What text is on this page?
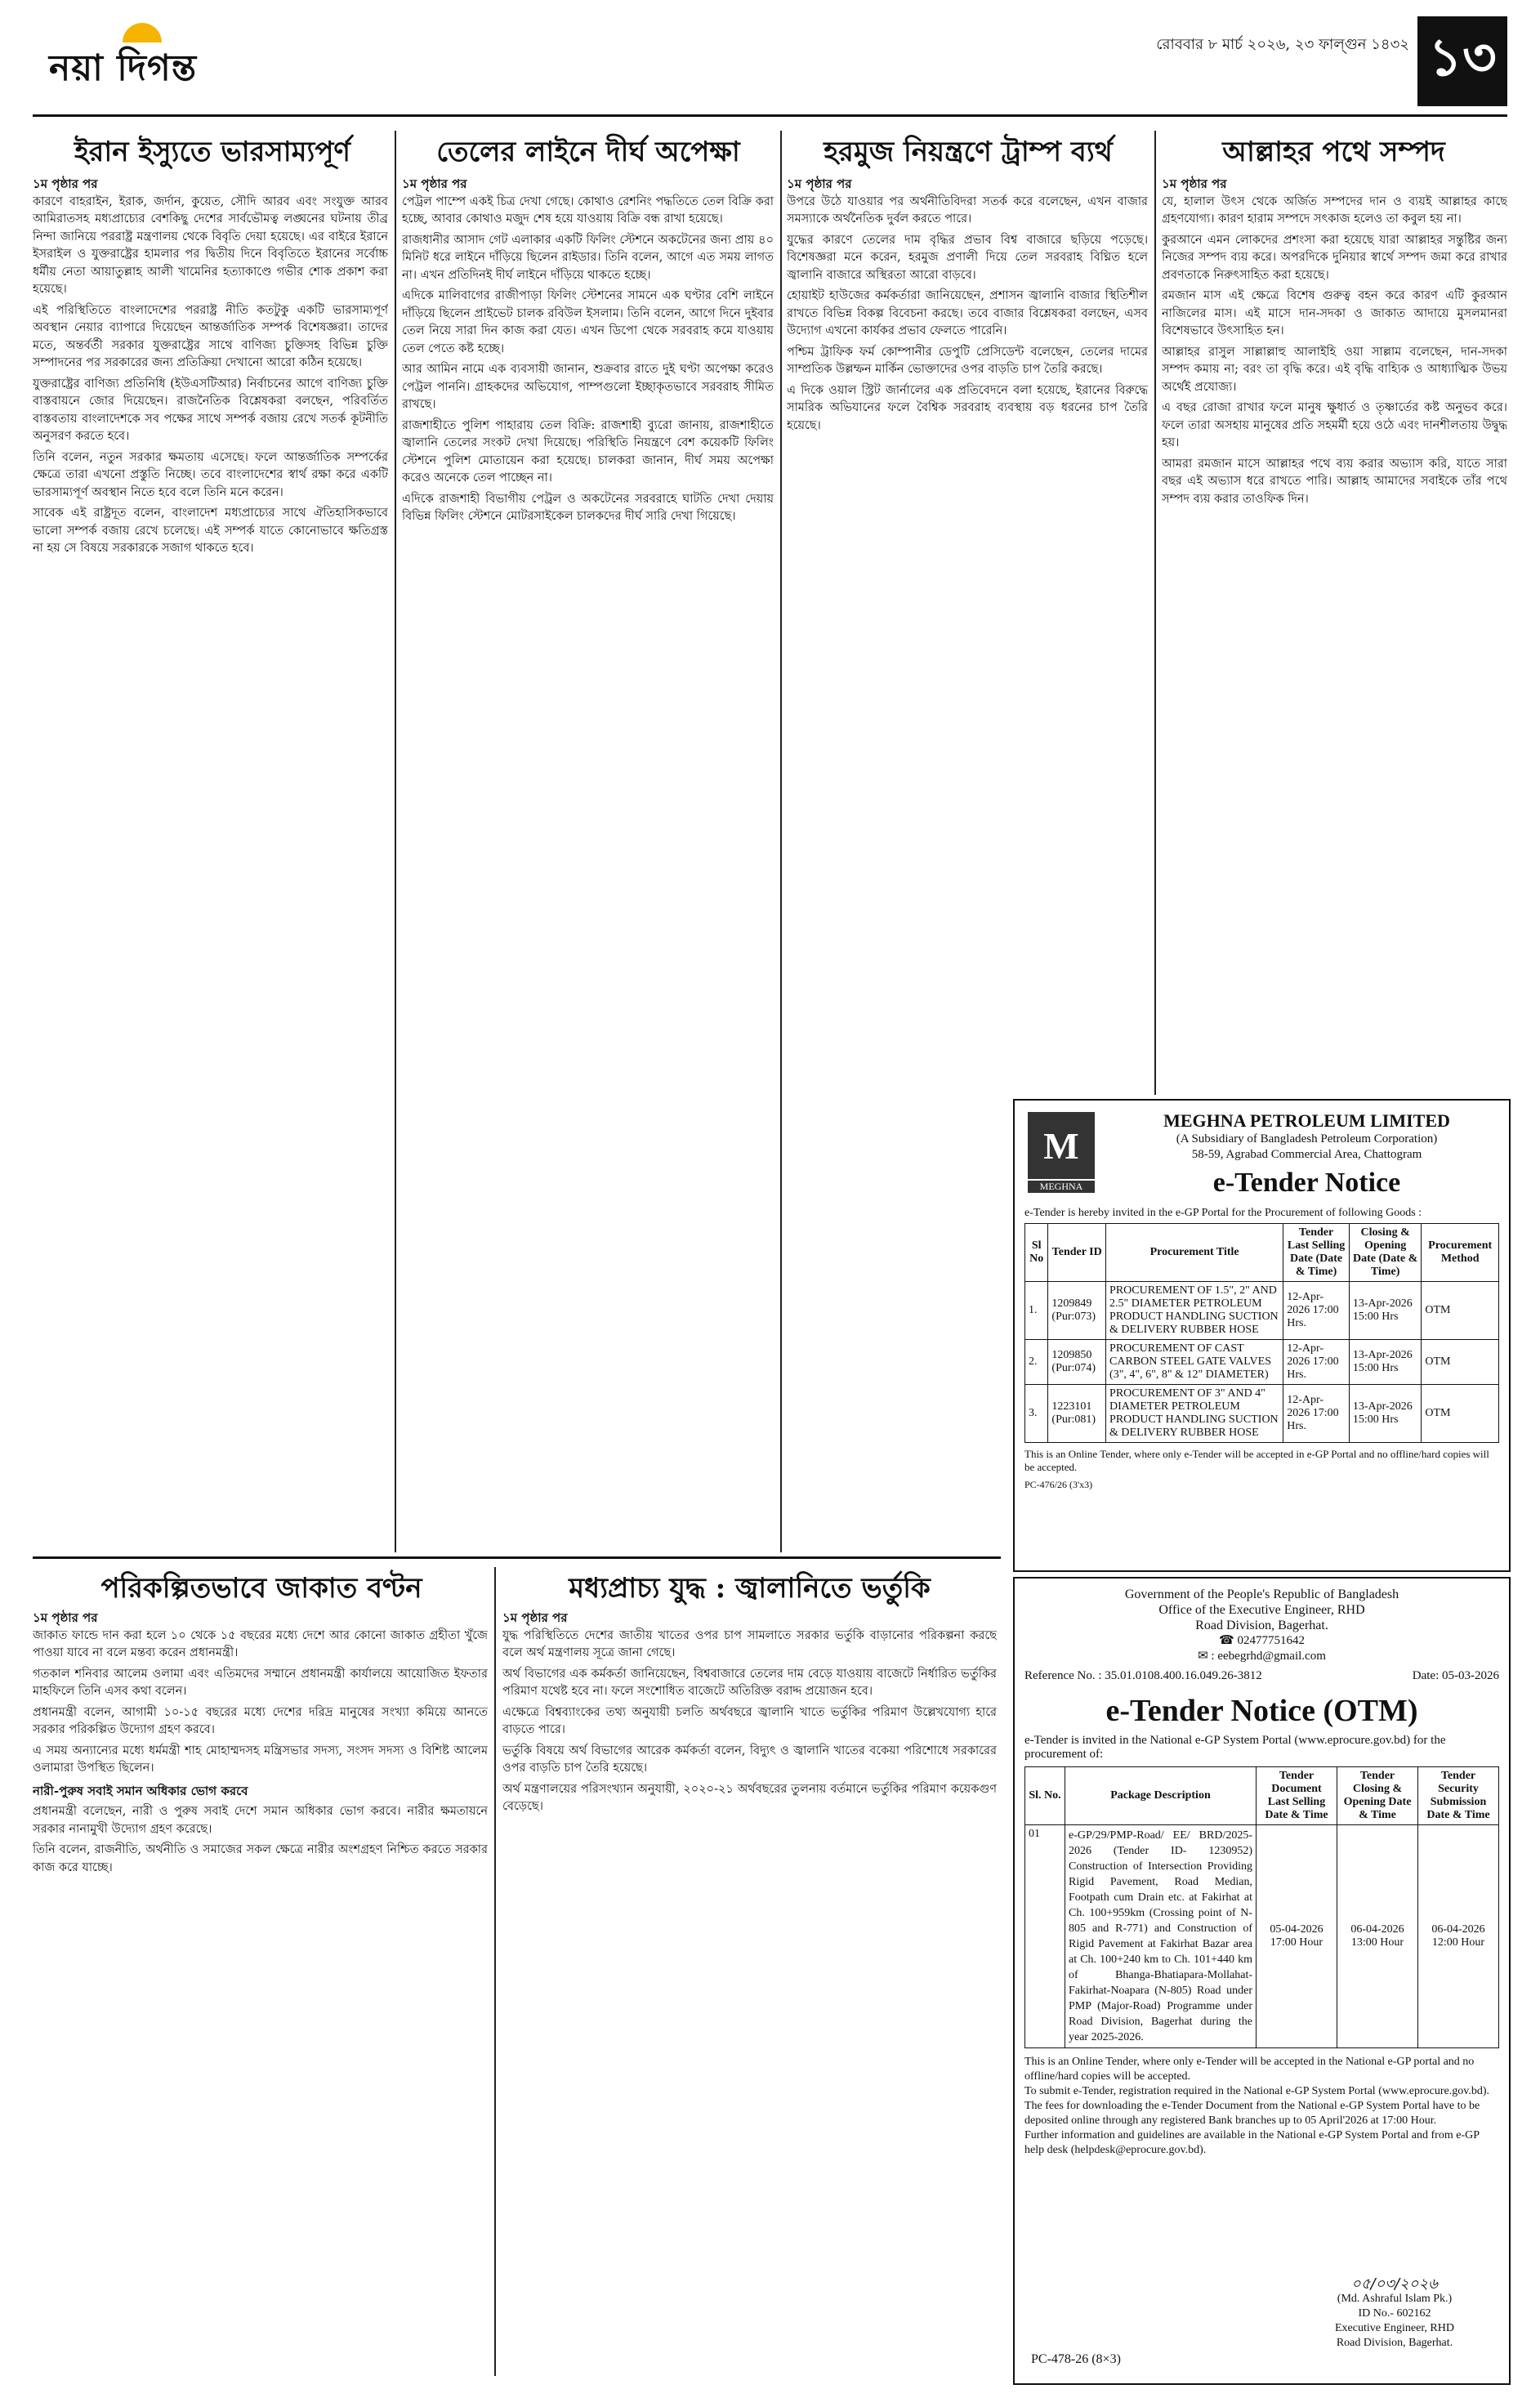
নয়া দিগন্ত
রোববার ৮ মার্চ ২০২৬, ২৩ ফাল্গুন ১৪৩২ ১৩
ইরান ইস্যুতে ভারসাম্যপূর্ণ	তেলের লাইনে দীর্ঘ অপেক্ষা	হরমুজ নিয়ন্ত্রণে ট্রাম্প ব্যর্থ	আল্লাহর পথে সম্পদ
১ম পৃষ্ঠার পর

কারণে বাহরাইন, ইরাক, জর্দান, কুয়েত, সৌদি আরব এবং সংযুক্ত আরব আমিরাতসহ মধ্যপ্রাচ্যের বেশকিছু দেশের সার্বভৌমত্ব লঙ্ঘনের ঘটনায় তীব্র নিন্দা জানিয়ে পররাষ্ট্র মন্ত্রণালয় থেকে বিবৃতি দেয়া হয়েছে। এর বাইরে ইরানে ইসরাইল ও যুক্তরাষ্ট্রের হামলার পর দ্বিতীয় দিনে বিবৃতিতে ইরানের সর্বোচ্চ ধর্মীয় নেতা আয়াতুল্লাহ আলী খামেনির হত্যাকাণ্ডে গভীর শোক প্রকাশ করা হয়েছে।

এই পরিস্থিতিতে বাংলাদেশের পররাষ্ট্র নীতি কতটুকু একটি ভারসাম্যপূর্ণ অবস্থান নেয়ার ব্যাপারে দিয়েছেন আন্তর্জাতিক সম্পর্ক বিশেষজ্ঞরা। তাদের মতে, অন্তর্বর্তী সরকার যুক্তরাষ্ট্রের সাথে বাণিজ্য চুক্তিসহ বিভিন্ন চুক্তি সম্পাদনের পর সরকারের জন্য প্রতিক্রিয়া দেখানো আরো কঠিন হয়েছে।

যুক্তরাষ্ট্রের বাণিজ্য প্রতিনিধি (ইউএসটিআর) নির্বাচনের আগে বাণিজ্য চুক্তি বাস্তবায়নে জোর দিয়েছেন। রাজনৈতিক বিশ্লেষকরা বলছেন, পরিবর্তিত বাস্তবতায় বাংলাদেশকে সব পক্ষের সাথে সম্পর্ক বজায় রেখে সতর্ক কূটনীতি অনুসরণ করতে হবে।

তিনি বলেন, নতুন সরকার ক্ষমতায় এসেছে। ফলে আন্তর্জাতিক সম্পর্কের ক্ষেত্রে তারা এখনো প্রস্তুতি নিচ্ছে। তবে বাংলাদেশের স্বার্থ রক্ষা করে একটি ভারসাম্যপূর্ণ অবস্থান নিতে হবে বলে তিনি মনে করেন।

সাবেক এই রাষ্ট্রদূত বলেন, বাংলাদেশ মধ্যপ্রাচ্যের সাথে ঐতিহাসিকভাবে ভালো সম্পর্ক বজায় রেখে চলেছে। এই সম্পর্ক যাতে কোনোভাবে ক্ষতিগ্রস্ত না হয় সে বিষয়ে সরকারকে সজাগ থাকতে হবে।

১ম পৃষ্ঠার পর

পেট্রল পাম্পে একই চিত্র দেখা গেছে। কোথাও রেশনিং পদ্ধতিতে তেল বিক্রি করা হচ্ছে, আবার কোথাও মজুদ শেষ হয়ে যাওয়ায় বিক্রি বন্ধ রাখা হয়েছে।

রাজধানীর আসাদ গেট এলাকার একটি ফিলিং স্টেশনে অকটেনের জন্য প্রায় ৪০ মিনিট ধরে লাইনে দাঁড়িয়ে ছিলেন রাইডার। তিনি বলেন, আগে এত সময় লাগত না। এখন প্রতিদিনই দীর্ঘ লাইনে দাঁড়িয়ে থাকতে হচ্ছে।

এদিকে মালিবাগের রাজীপাড়া ফিলিং স্টেশনের সামনে এক ঘণ্টার বেশি লাইনে দাঁড়িয়ে ছিলেন প্রাইভেট চালক রবিউল ইসলাম। তিনি বলেন, আগে দিনে দুইবার তেল নিয়ে সারা দিন কাজ করা যেত। এখন ডিপো থেকে সরবরাহ কমে যাওয়ায় তেল পেতে কষ্ট হচ্ছে।

আর আমিন নামে এক ব্যবসায়ী জানান, শুক্রবার রাতে দুই ঘণ্টা অপেক্ষা করেও পেট্রল পাননি। গ্রাহকদের অভিযোগ, পাম্পগুলো ইচ্ছাকৃতভাবে সরবরাহ সীমিত রাখছে।

রাজশাহীতে পুলিশ পাহারায় তেল বিক্রি: রাজশাহী ব্যুরো জানায়, রাজশাহীতে জ্বালানি তেলের সংকট দেখা দিয়েছে। পরিস্থিতি নিয়ন্ত্রণে বেশ কয়েকটি ফিলিং স্টেশনে পুলিশ মোতায়েন করা হয়েছে। চালকরা জানান, দীর্ঘ সময় অপেক্ষা করেও অনেকে তেল পাচ্ছেন না।

এদিকে রাজশাহী বিভাগীয় পেট্রল ও অকটেনের সরবরাহে ঘাটতি দেখা দেয়ায় বিভিন্ন ফিলিং স্টেশনে মোটরসাইকেল চালকদের দীর্ঘ সারি দেখা গিয়েছে।

১ম পৃষ্ঠার পর

উপরে উঠে যাওয়ার পর অর্থনীতিবিদরা সতর্ক করে বলেছেন, এখন বাজার সমস্যাকে অর্থনৈতিক দুর্বল করতে পারে।

যুদ্ধের কারণে তেলের দাম বৃদ্ধির প্রভাব বিশ্ব বাজারে ছড়িয়ে পড়েছে। বিশেষজ্ঞরা মনে করেন, হরমুজ প্রণালী দিয়ে তেল সরবরাহ বিঘ্নিত হলে জ্বালানি বাজারে অস্থিরতা আরো বাড়বে।

হোয়াইট হাউজের কর্মকর্তারা জানিয়েছেন, প্রশাসন জ্বালানি বাজার স্থিতিশীল রাখতে বিভিন্ন বিকল্প বিবেচনা করছে। তবে বাজার বিশ্লেষকরা বলছেন, এসব উদ্যোগ এখনো কার্যকর প্রভাব ফেলতে পারেনি।

পশ্চিম ট্রাফিক ফর্ম কোম্পানীর ডেপুটি প্রেসিডেন্ট বলেছেন, তেলের দামের সাম্প্রতিক উল্লম্ফন মার্কিন ভোক্তাদের ওপর বাড়তি চাপ তৈরি করছে।

এ দিকে ওয়াল স্ট্রিট জার্নালের এক প্রতিবেদনে বলা হয়েছে, ইরানের বিরুদ্ধে সামরিক অভিযানের ফলে বৈশ্বিক সরবরাহ ব্যবস্থায় বড় ধরনের চাপ তৈরি হয়েছে।

১ম পৃষ্ঠার পর

যে, হালাল উৎস থেকে অর্জিত সম্পদের দান ও ব্যয়ই আল্লাহর কাছে গ্রহণযোগ্য। কারণ হারাম সম্পদে সৎকাজ হলেও তা কবুল হয় না।

কুরআনে এমন লোকদের প্রশংসা করা হয়েছে যারা আল্লাহর সন্তুষ্টির জন্য নিজের সম্পদ ব্যয় করে। অপরদিকে দুনিয়ার স্বার্থে সম্পদ জমা করে রাখার প্রবণতাকে নিরুৎসাহিত করা হয়েছে।

রমজান মাস এই ক্ষেত্রে বিশেষ গুরুত্ব বহন করে কারণ এটি কুরআন নাজিলের মাস। এই মাসে দান-সদকা ও জাকাত আদায়ে মুসলমানরা বিশেষভাবে উৎসাহিত হন।

আল্লাহর রাসুল সাল্লাল্লাহু আলাইহি ওয়া সাল্লাম বলেছেন, দান-সদকা সম্পদ কমায় না; বরং তা বৃদ্ধি করে। এই বৃদ্ধি বাহ্যিক ও আধ্যাত্মিক উভয় অর্থেই প্রযোজ্য।

এ বছর রোজা রাখার ফলে মানুষ ক্ষুধার্ত ও তৃষ্ণার্তের কষ্ট অনুভব করে। ফলে তারা অসহায় মানুষের প্রতি সহমর্মী হয়ে ওঠে এবং দানশীলতায় উদ্বুদ্ধ হয়।

আমরা রমজান মাসে আল্লাহর পথে ব্যয় করার অভ্যাস করি, যাতে সারা বছর এই অভ্যাস ধরে রাখতে পারি। আল্লাহ আমাদের সবাইকে তাঁর পথে সম্পদ ব্যয় করার তাওফিক দিন।

M
MEGHNA
MEGHNA PETROLEUM LIMITED
(A Subsidiary of Bangladesh Petroleum Corporation)
58-59, Agrabad Commercial Area, Chattogram
e-Tender Notice
e-Tender is hereby invited in the e-GP Portal for the Procurement of following Goods :
Sl No	Tender ID	Procurement Title	Tender Last Selling Date (Date & Time)	Closing & Opening Date (Date & Time)	Procurement Method
1.	1209849 (Pur:073)	PROCUREMENT OF 1.5", 2" AND 2.5" DIAMETER PETROLEUM PRODUCT HANDLING SUCTION & DELIVERY RUBBER HOSE	12-Apr-2026 17:00 Hrs.	13-Apr-2026 15:00 Hrs	OTM
2.	1209850 (Pur:074)	PROCUREMENT OF CAST CARBON STEEL GATE VALVES (3", 4", 6", 8" & 12" DIAMETER)	12-Apr-2026 17:00 Hrs.	13-Apr-2026 15:00 Hrs	OTM
3.	1223101 (Pur:081)	PROCUREMENT OF 3" AND 4" DIAMETER PETROLEUM PRODUCT HANDLING SUCTION & DELIVERY RUBBER HOSE	12-Apr-2026 17:00 Hrs.	13-Apr-2026 15:00 Hrs	OTM
This is an Online Tender, where only e-Tender will be accepted in e-GP Portal and no offline/hard copies will be accepted.
PC-476/26 (3'x3)
পরিকল্পিতভাবে জাকাত বণ্টন	মধ্যপ্রাচ্য যুদ্ধ : জ্বালানিতে ভর্তুকি
১ম পৃষ্ঠার পর

জাকাত ফান্ডে দান করা হলে ১০ থেকে ১৫ বছরের মধ্যে দেশে আর কোনো জাকাত গ্রহীতা খুঁজে পাওয়া যাবে না বলে মন্তব্য করেন প্রধানমন্ত্রী।

গতকাল শনিবার আলেম ওলামা এবং এতিমদের সম্মানে প্রধানমন্ত্রী কার্যালয়ে আয়োজিত ইফতার মাহফিলে তিনি এসব কথা বলেন।

প্রধানমন্ত্রী বলেন, আগামী ১০-১৫ বছরের মধ্যে দেশের দরিদ্র মানুষের সংখ্যা কমিয়ে আনতে সরকার পরিকল্পিত উদ্যোগ গ্রহণ করবে।

এ সময় অন্যান্যের মধ্যে ধর্মমন্ত্রী শাহ মোহাম্মদসহ মন্ত্রিসভার সদস্য, সংসদ সদস্য ও বিশিষ্ট আলেম ওলামারা উপস্থিত ছিলেন।

নারী-পুরুষ সবাই সমান অধিকার ভোগ করবে

প্রধানমন্ত্রী বলেছেন, নারী ও পুরুষ সবাই দেশে সমান অধিকার ভোগ করবে। নারীর ক্ষমতায়নে সরকার নানামুখী উদ্যোগ গ্রহণ করেছে।

তিনি বলেন, রাজনীতি, অর্থনীতি ও সমাজের সকল ক্ষেত্রে নারীর অংশগ্রহণ নিশ্চিত করতে সরকার কাজ করে যাচ্ছে।

১ম পৃষ্ঠার পর

যুদ্ধ পরিস্থিতিতে দেশের জাতীয় খাতের ওপর চাপ সামলাতে সরকার ভর্তুকি বাড়ানোর পরিকল্পনা করছে বলে অর্থ মন্ত্রণালয় সূত্রে জানা গেছে।

অর্থ বিভাগের এক কর্মকর্তা জানিয়েছেন, বিশ্ববাজারে তেলের দাম বেড়ে যাওয়ায় বাজেটে নির্ধারিত ভর্তুকির পরিমাণ যথেষ্ট হবে না। ফলে সংশোধিত বাজেটে অতিরিক্ত বরাদ্দ প্রয়োজন হবে।

এক্ষেত্রে বিশ্বব্যাংকের তথ্য অনুযায়ী চলতি অর্থবছরে জ্বালানি খাতে ভর্তুকির পরিমাণ উল্লেখযোগ্য হারে বাড়তে পারে।

ভর্তুকি বিষয়ে অর্থ বিভাগের আরেক কর্মকর্তা বলেন, বিদ্যুৎ ও জ্বালানি খাতের বকেয়া পরিশোধে সরকারের ওপর বাড়তি চাপ তৈরি হয়েছে।

অর্থ মন্ত্রণালয়ের পরিসংখ্যান অনুযায়ী, ২০২০-২১ অর্থবছরের তুলনায় বর্তমানে ভর্তুকির পরিমাণ কয়েকগুণ বেড়েছে।

Government of the People's Republic of Bangladesh
Office of the Executive Engineer, RHD
Road Division, Bagerhat.
☎ 02477751642
✉ : eebegrhd@gmail.com
Reference No. : 35.01.0108.400.16.049.26-3812	Date: 05-03-2026
e-Tender Notice (OTM)
e-Tender is invited in the National e-GP System Portal (www.eprocure.gov.bd) for the procurement of:
Sl. No.	Package Description	Tender Document Last Selling Date & Time	Tender Closing & Opening Date & Time	Tender Security Submission Date & Time
01	e-GP/29/PMP-Road/ EE/ BRD/2025-2026 (Tender ID- 1230952) Construction of Intersection Providing Rigid Pavement, Road Median, Footpath cum Drain etc. at Fakirhat at Ch. 100+959km (Crossing point of N-805 and R-771) and Construction of Rigid Pavement at Fakirhat Bazar area at Ch. 100+240 km to Ch. 101+440 km of Bhanga-Bhatiapara-Mollahat-Fakirhat-Noapara (N-805) Road under PMP (Major-Road) Programme under Road Division, Bagerhat during the year 2025-2026.	05-04-2026 17:00 Hour	06-04-2026 13:00 Hour	06-04-2026 12:00 Hour
This is an Online Tender, where only e-Tender will be accepted in the National e-GP portal and no offline/hard copies will be accepted.
To submit e-Tender, registration required in the National e-GP System Portal (www.eprocure.gov.bd).
The fees for downloading the e-Tender Document from the National e-GP System Portal have to be deposited online through any registered Bank branches up to 05 April'2026 at 17:00 Hour.
Further information and guidelines are available in the National e-GP System Portal and from e-GP help desk (helpdesk@eprocure.gov.bd).
০৫/০৩/২০২৬
(Md. Ashraful Islam Pk.)
ID No.- 602162
Executive Engineer, RHD
Road Division, Bagerhat.
PC-478-26 (8×3)
